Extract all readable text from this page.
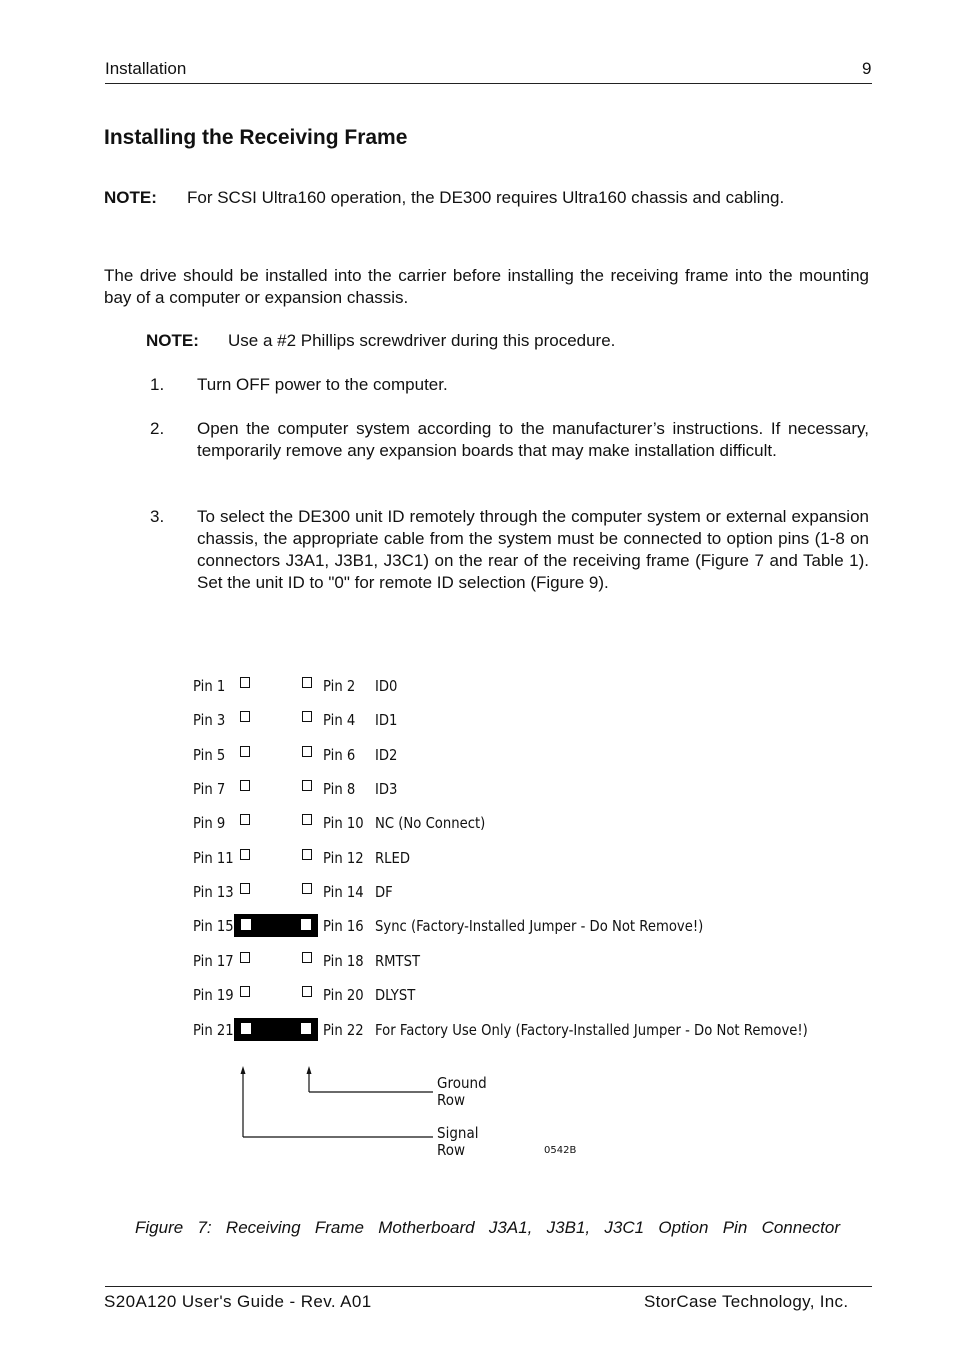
Installation	9
Installing the Receiving Frame
NOTE: For SCSI Ultra160 operation, the DE300 requires Ultra160 chassis and cabling.
The drive should be installed into the carrier before installing the receiving frame into the mounting bay of a computer or expansion chassis.
NOTE: Use a #2 Phillips screwdriver during this procedure.
1. Turn OFF power to the computer.
2. Open the computer system according to the manufacturer’s instructions. If necessary, temporarily remove any expansion boards that may make installation difficult.
3. To select the DE300 unit ID remotely through the computer system or external expansion chassis, the appropriate cable from the system must be connected to option pins (1-8 on connectors J3A1, J3B1, J3C1) on the rear of the receiving frame (Figure 7 and Table 1). Set the unit ID to "0" for remote ID selection (Figure 9).
Pin 1	Pin 2 ID0
Pin 3	Pin 4 ID1
Pin 5	Pin 6 ID2
Pin 7	Pin 8 ID3
Pin 9	Pin 10 NC (No Connect)
Pin 11	Pin 12 RLED
Pin 13	Pin 14 DF
Pin 15	Pin 16 Sync (Factory-Installed Jumper - Do Not Remove!)
Pin 17	Pin 18 RMTST
Pin 19	Pin 20 DLYST
Pin 21	Pin 22 For Factory Use Only (Factory-Installed Jumper - Do Not Remove!)
Ground
Row
Signal
Row	0542B
Figure 7: Receiving Frame Motherboard J3A1, J3B1, J3C1 Option Pin Connector
S20A120 User's Guide - Rev. A01	StorCase Technology, Inc.
